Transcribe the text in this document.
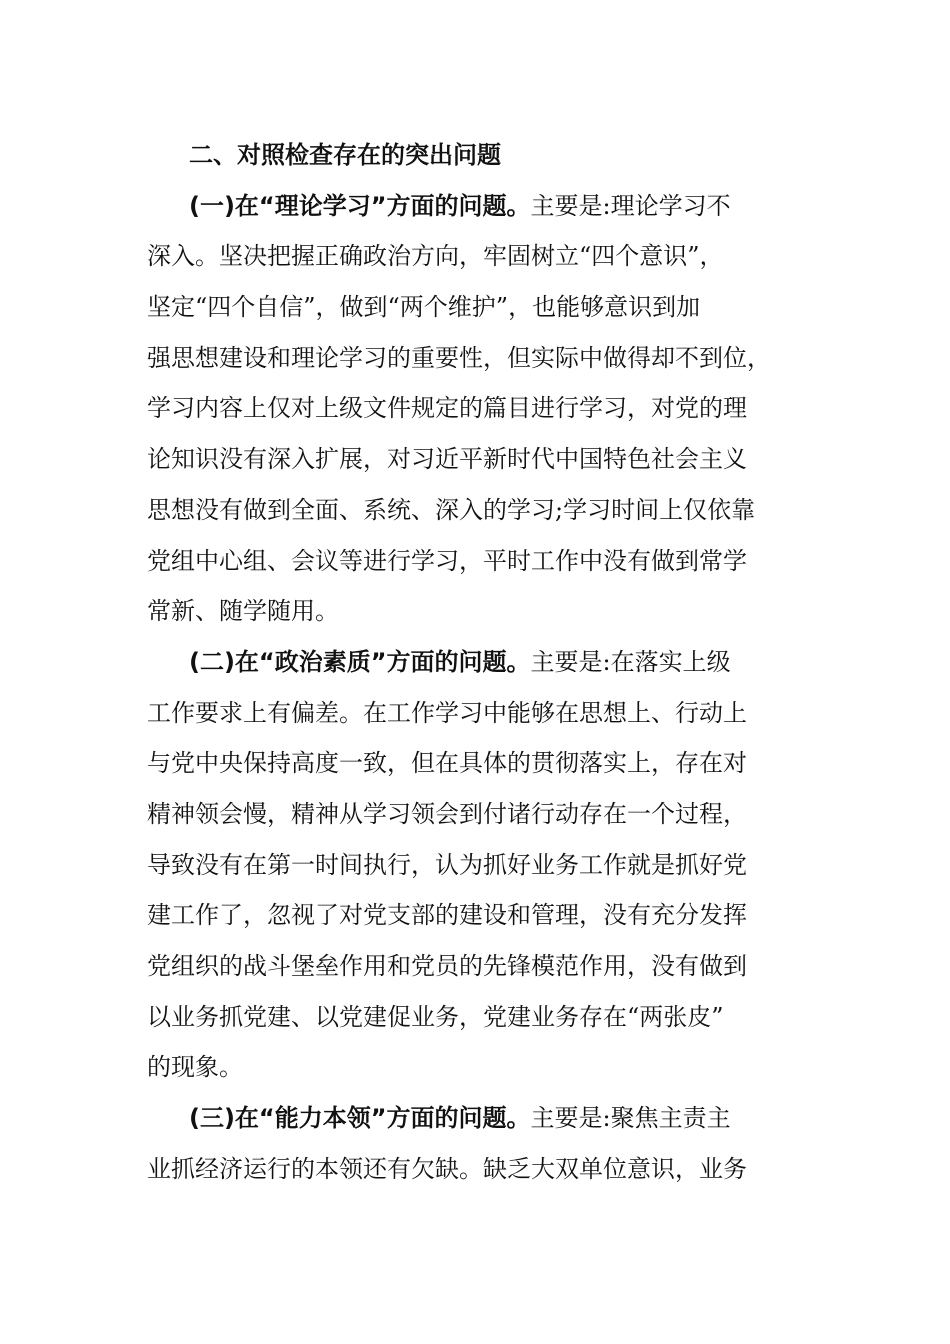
二、对照检查存在的突出问题
(一)在“理论学习”方面的问题。主要是:理论学习不
深入。坚决把握正确政治方向，牢固树立“四个意识”，
坚定“四个自信”，做到“两个维护”，也能够意识到加
强思想建设和理论学习的重要性，但实际中做得却不到位，
学习内容上仅对上级文件规定的篇目进行学习，对党的理
论知识没有深入扩展，对习近平新时代中国特色社会主义
思想没有做到全面、系统、深入的学习;学习时间上仅依靠
党组中心组、会议等进行学习，平时工作中没有做到常学
常新、随学随用。
(二)在“政治素质”方面的问题。主要是:在落实上级
工作要求上有偏差。在工作学习中能够在思想上、行动上
与党中央保持高度一致，但在具体的贯彻落实上，存在对
精神领会慢，精神从学习领会到付诸行动存在一个过程，
导致没有在第一时间执行，认为抓好业务工作就是抓好党
建工作了，忽视了对党支部的建设和管理，没有充分发挥
党组织的战斗堡垒作用和党员的先锋模范作用，没有做到
以业务抓党建、以党建促业务，党建业务存在“两张皮”
的现象。
(三)在“能力本领”方面的问题。主要是:聚焦主责主
业抓经济运行的本领还有欠缺。缺乏大双单位意识，业务
